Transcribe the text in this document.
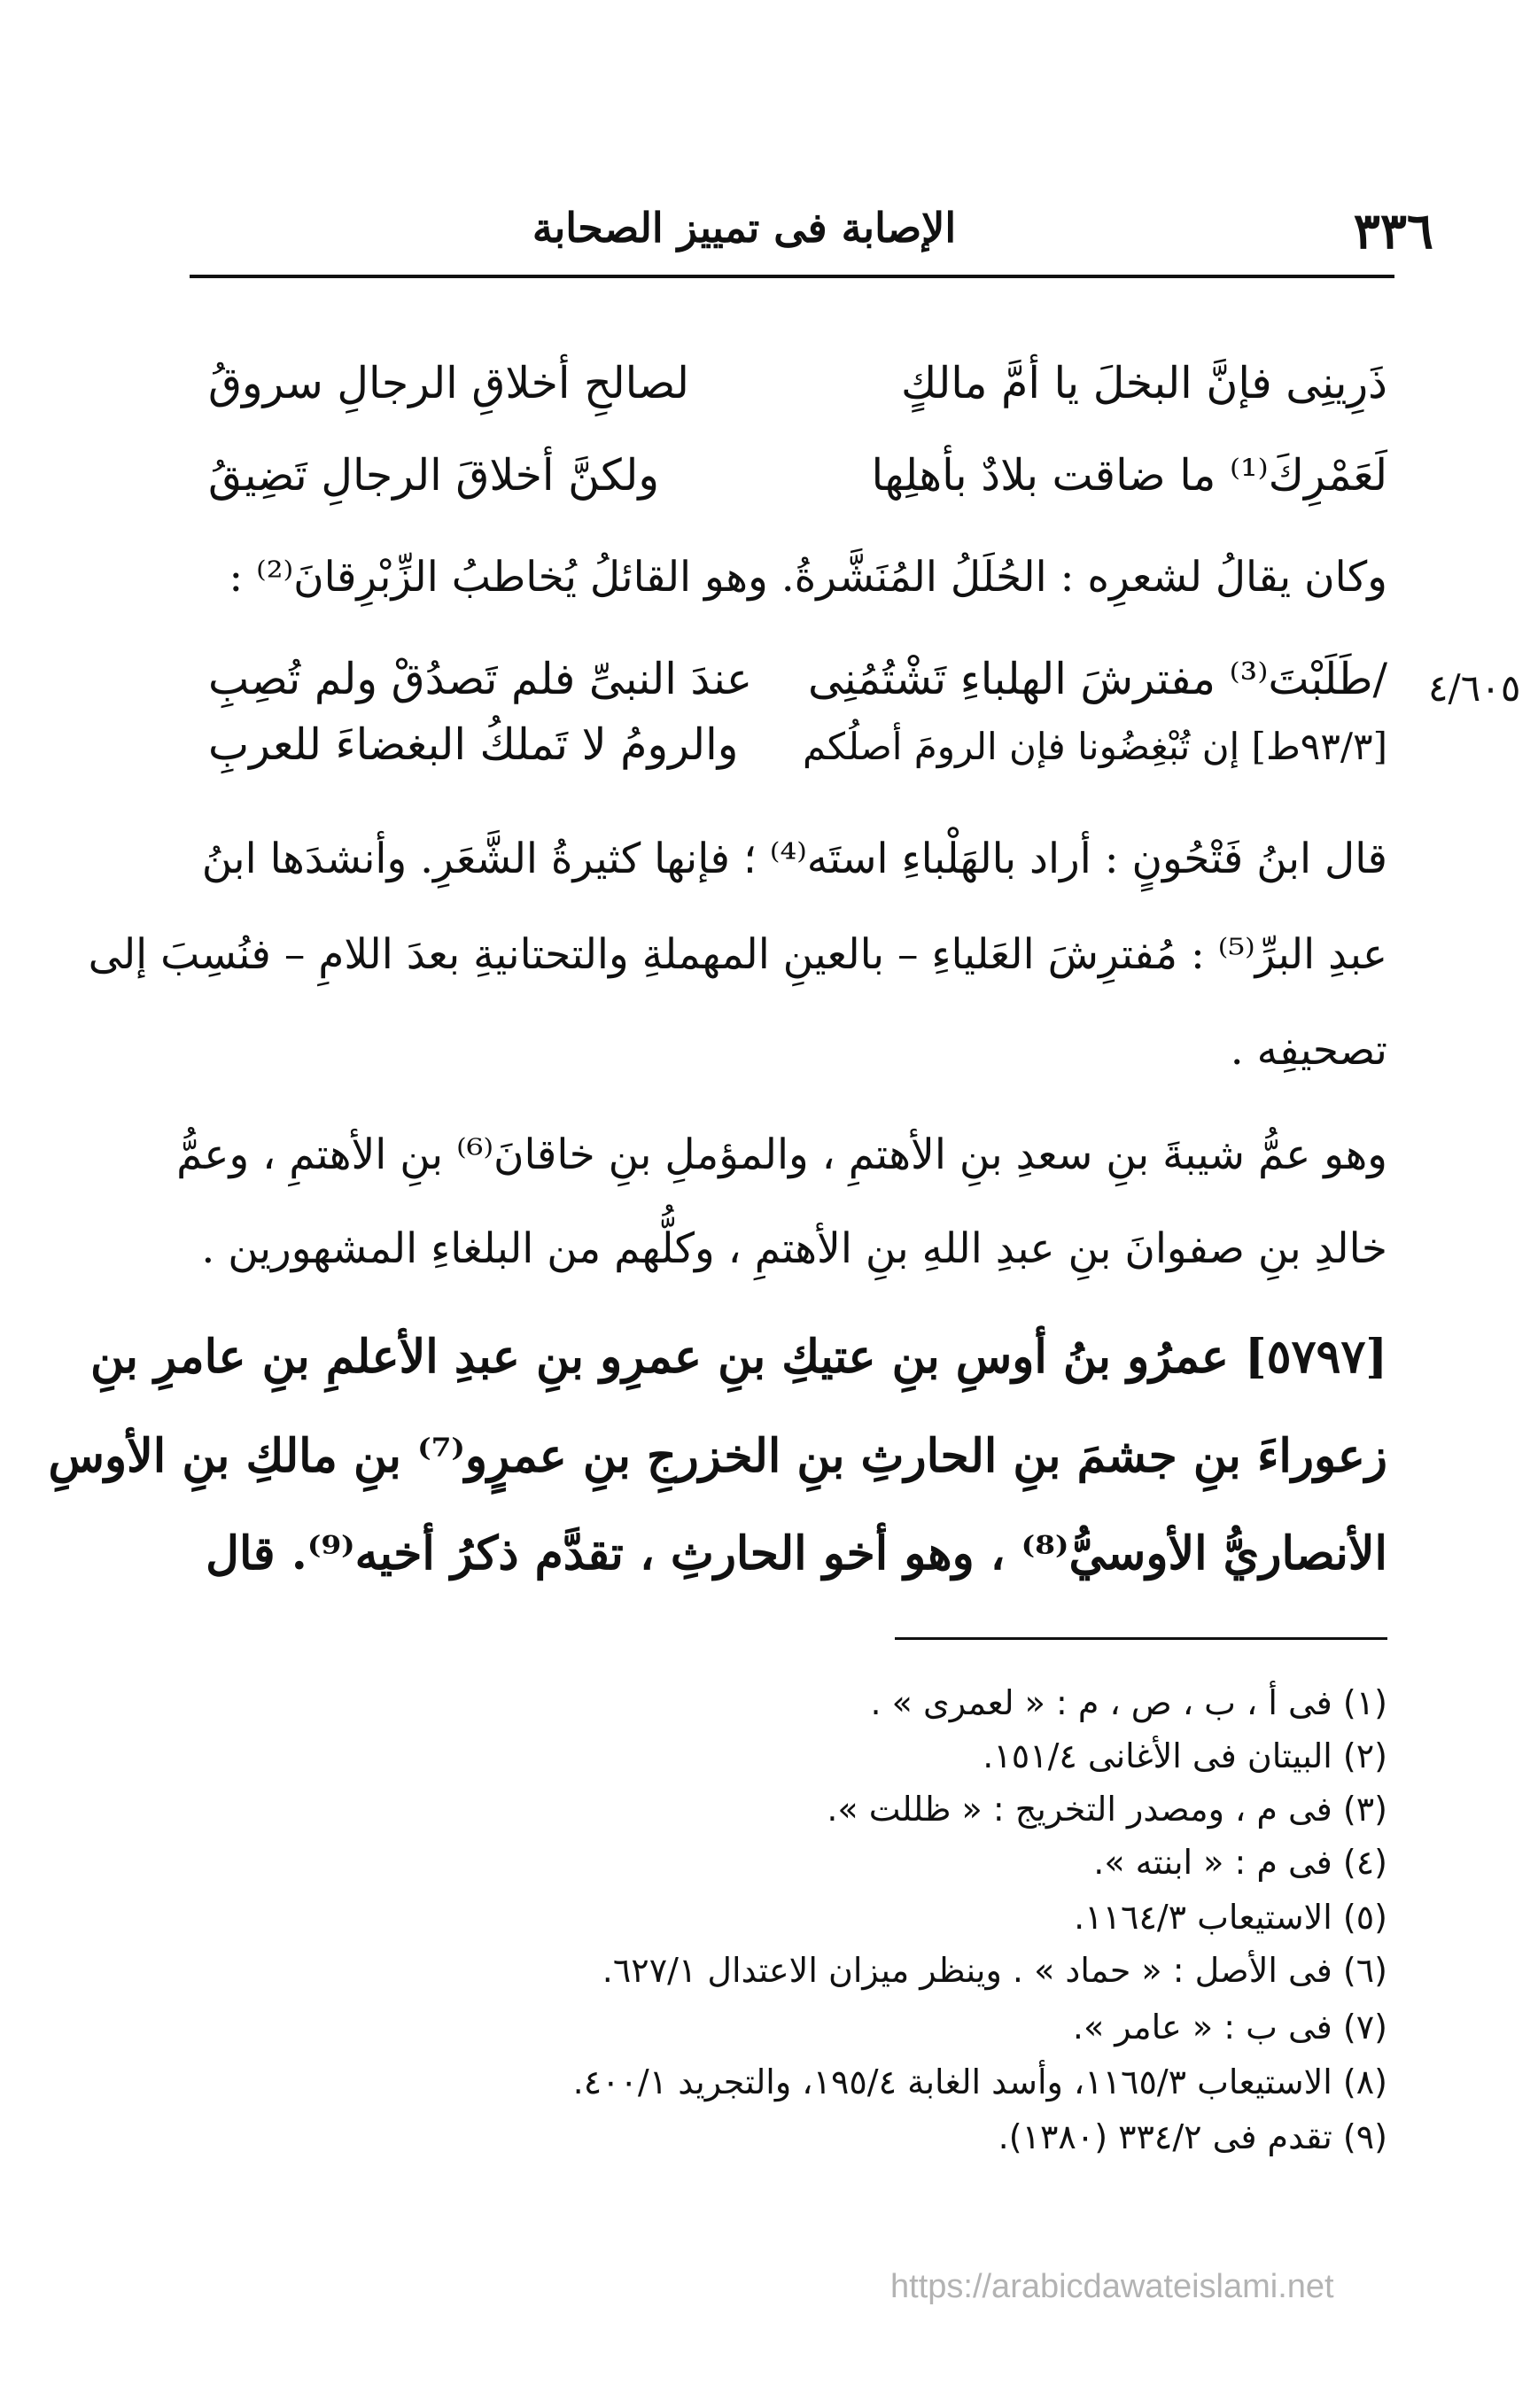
٣٣٦
الإصابة فى تمييز الصحابة
ذَرِينِى فإنَّ البخلَ يا أمَّ مالكٍ
لصالحِ أخلاقِ الرجالِ سروقُ
لَعَمْرِكَ⁽¹⁾ ما ضاقت بلادٌ بأهلِها
ولكنَّ أخلاقَ الرجالِ تَضِيقُ
وكان يقالُ لشعرِه : الحُلَلُ المُنَشَّرةُ. وهو القائلُ يُخاطبُ الزِّبْرِقانَ⁽²⁾ :
٤/٦٠٥
/طَلَبْتَ⁽³⁾ مفترشَ الهلباءِ تَشْتُمُنِى
عندَ النبىِّ فلم تَصدُقْ ولم تُصِبِ
[٩٣/٣ط] إن تُبْغِضُونا فإن الرومَ أصلُكم
والرومُ لا تَملكُ البغضاءَ للعربِ
قال ابنُ فَتْحُونٍ : أراد بالهَلْباءِ استَه⁽⁴⁾ ؛ فإنها كثيرةُ الشَّعَرِ. وأنشدَها ابنُ
عبدِ البرِّ⁽⁵⁾ : مُفترِشَ العَلياءِ – بالعينِ المهملةِ والتحتانيةِ بعدَ اللامِ – فنُسِبَ إلى
تصحيفِه .
وهو عمُّ شيبةَ بنِ سعدِ بنِ الأهتمِ ، والمؤملِ بنِ خاقانَ⁽⁶⁾ بنِ الأهتمِ ، وعمُّ
خالدِ بنِ صفوانَ بنِ عبدِ اللهِ بنِ الأهتمِ ، وكلُّهم من البلغاءِ المشهورين .
[٥٧٩٧] عمرُو بنُ أوسِ بنِ عتيكِ بنِ عمرِو بنِ عبدِ الأعلمِ بنِ عامرِ بنِ
زعوراءَ بنِ جشمَ بنِ الحارثِ بنِ الخزرجِ بنِ عمرٍو⁽⁷⁾ بنِ مالكِ بنِ الأوسِ
الأنصاريُّ الأوسيُّ⁽⁸⁾ ، وهو أخو الحارثِ ، تقدَّم ذكرُ أخيه⁽⁹⁾. قال
(١) فى أ ، ب ، ص ، م : « لعمرى » .
(٢) البيتان فى الأغانى ١٥١/٤.
(٣) فى م ، ومصدر التخريج : « ظللت ».
(٤) فى م : « ابنته ».
(٥) الاستيعاب ١١٦٤/٣.
(٦) فى الأصل : « حماد » . وينظر ميزان الاعتدال ٦٢٧/١.
(٧) فى ب : « عامر ».
(٨) الاستيعاب ١١٦٥/٣، وأسد الغابة ١٩٥/٤، والتجريد ٤٠٠/١.
(٩) تقدم فى ٣٣٤/٢ (١٣٨٠).
https://arabicdawateislami.net
